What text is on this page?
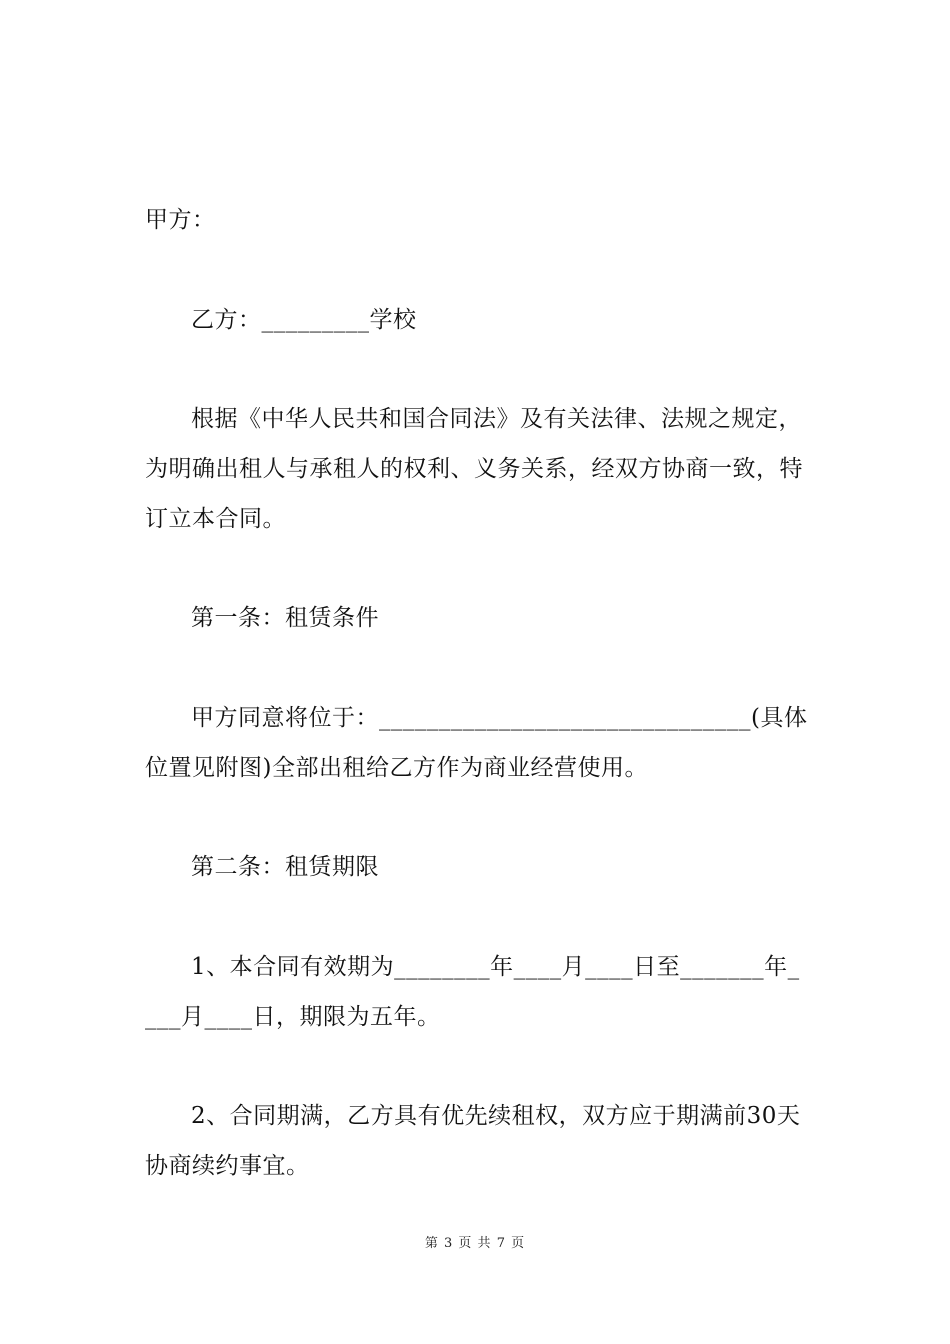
甲方：

乙方：_________学校

根据《中华人民共和国合同法》及有关法律、法规之规定，为明确出租人与承租人的权利、义务关系，经双方协商一致，特订立本合同。

第一条：租赁条件

甲方同意将位于：_______________________________(具体位置见附图)全部出租给乙方作为商业经营使用。

第二条：租赁期限

1、本合同有效期为________年____月____日至_______年_

___月____日，期限为五年。

2、合同期满，乙方具有优先续租权，双方应于期满前30天协商续约事宜。

第 3 页 共 7 页
